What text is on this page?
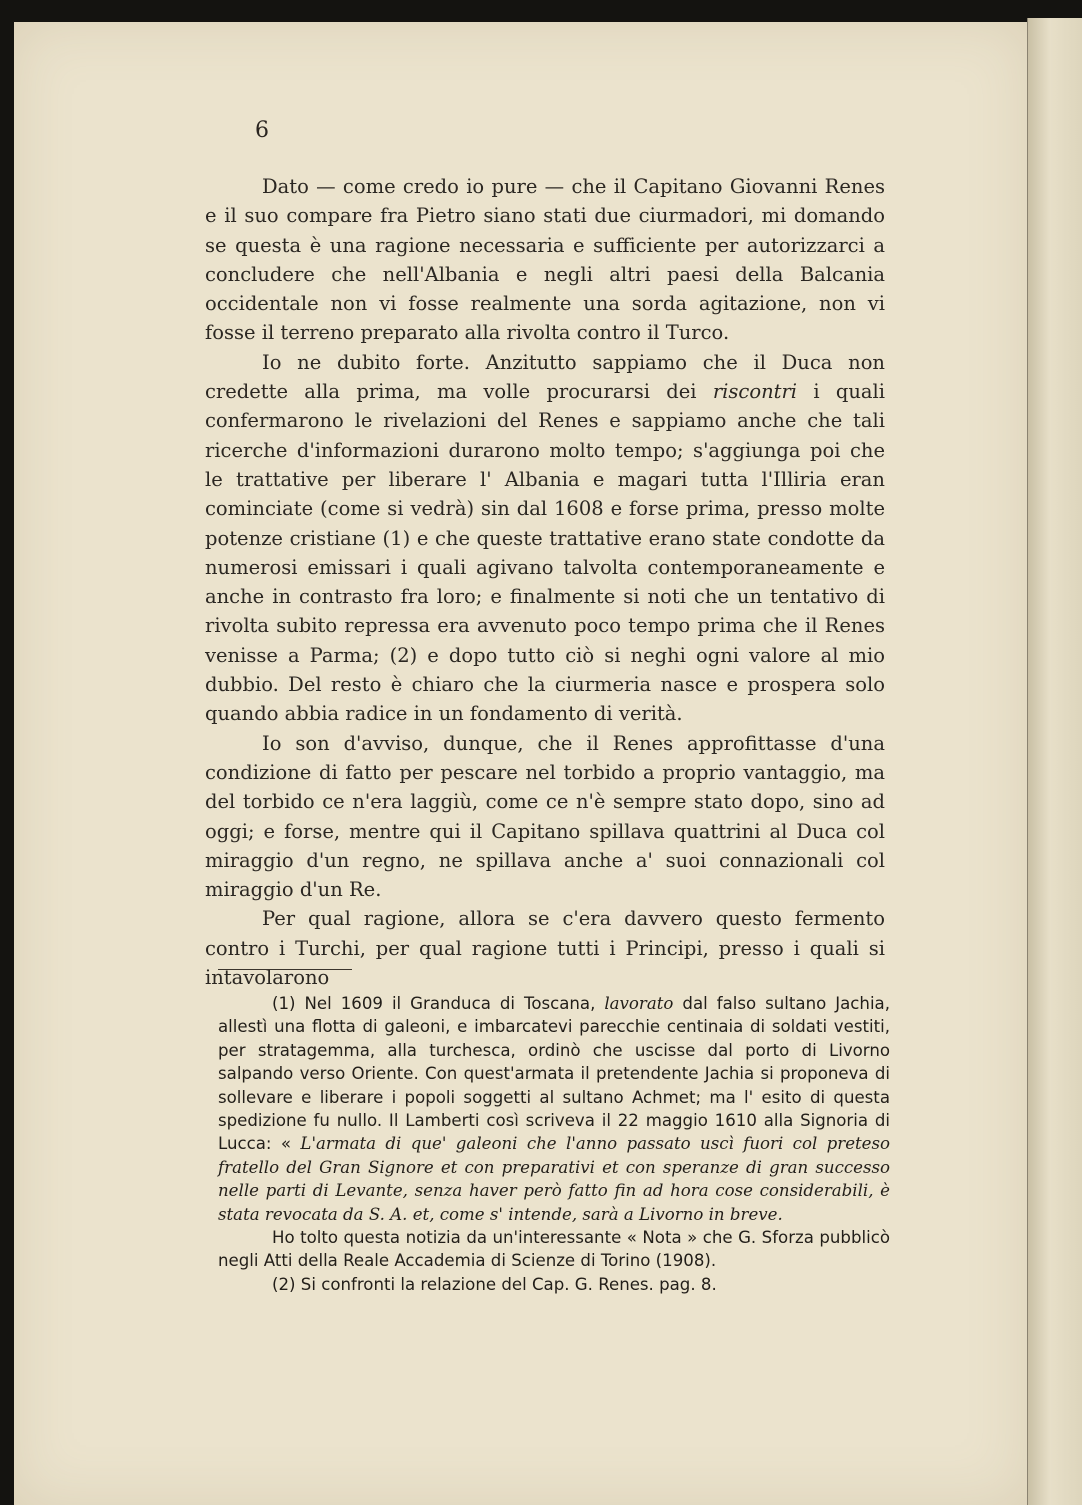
6

Dato — come credo io pure — che il Capitano Giovanni Renes e il suo compare fra Pietro siano stati due ciurmadori, mi domando se questa è una ragione necessaria e sufficiente per autorizzarci a concludere che nell'Albania e negli altri paesi della Balcania occidentale non vi fosse realmente una sorda agitazione, non vi fosse il terreno preparato alla rivolta contro il Turco.

Io ne dubito forte. Anzitutto sappiamo che il Duca non credette alla prima, ma volle procurarsi dei riscontri i quali confermarono le rivelazioni del Renes e sappiamo anche che tali ricerche d'informazioni durarono molto tempo; s'aggiunga poi che le trattative per liberare l' Albania e magari tutta l'Illiria eran cominciate (come si vedrà) sin dal 1608 e forse prima, presso molte potenze cristiane (1) e che queste trattative erano state condotte da numerosi emissari i quali agivano talvolta contemporaneamente e anche in contrasto fra loro; e finalmente si noti che un tentativo di rivolta subito repressa era avvenuto poco tempo prima che il Renes venisse a Parma; (2) e dopo tutto ciò si neghi ogni valore al mio dubbio. Del resto è chiaro che la ciurmeria nasce e prospera solo quando abbia radice in un fondamento di verità.

Io son d'avviso, dunque, che il Renes approfittasse d'una condizione di fatto per pescare nel torbido a proprio vantaggio, ma del torbido ce n'era laggiù, come ce n'è sempre stato dopo, sino ad oggi; e forse, mentre qui il Capitano spillava quattrini al Duca col miraggio d'un regno, ne spillava anche a' suoi connazionali col miraggio d'un Re.

Per qual ragione, allora se c'era davvero questo fermento contro i Turchi, per qual ragione tutti i Principi, presso i quali si intavolarono

(1) Nel 1609 il Granduca di Toscana, lavorato dal falso sultano Jachia, allestì una flotta di galeoni, e imbarcatevi parecchie centinaia di soldati vestiti, per stratagemma, alla turchesca, ordinò che uscisse dal porto di Livorno salpando verso Oriente. Con quest'armata il pretendente Jachia si proponeva di sollevare e liberare i popoli soggetti al sultano Achmet; ma l' esito di questa spedizione fu nullo. Il Lamberti così scriveva il 22 maggio 1610 alla Signoria di Lucca: « L'armata di que' galeoni che l'anno passato uscì fuori col preteso fratello del Gran Signore et con preparativi et con speranze di gran successo nelle parti di Levante, senza haver però fatto fin ad hora cose considerabili, è stata revocata da S. A. et, come s' intende, sarà a Livorno in breve.

Ho tolto questa notizia da un'interessante « Nota » che G. Sforza pubblicò negli Atti della Reale Accademia di Scienze di Torino (1908).

(2) Si confronti la relazione del Cap. G. Renes. pag. 8.
